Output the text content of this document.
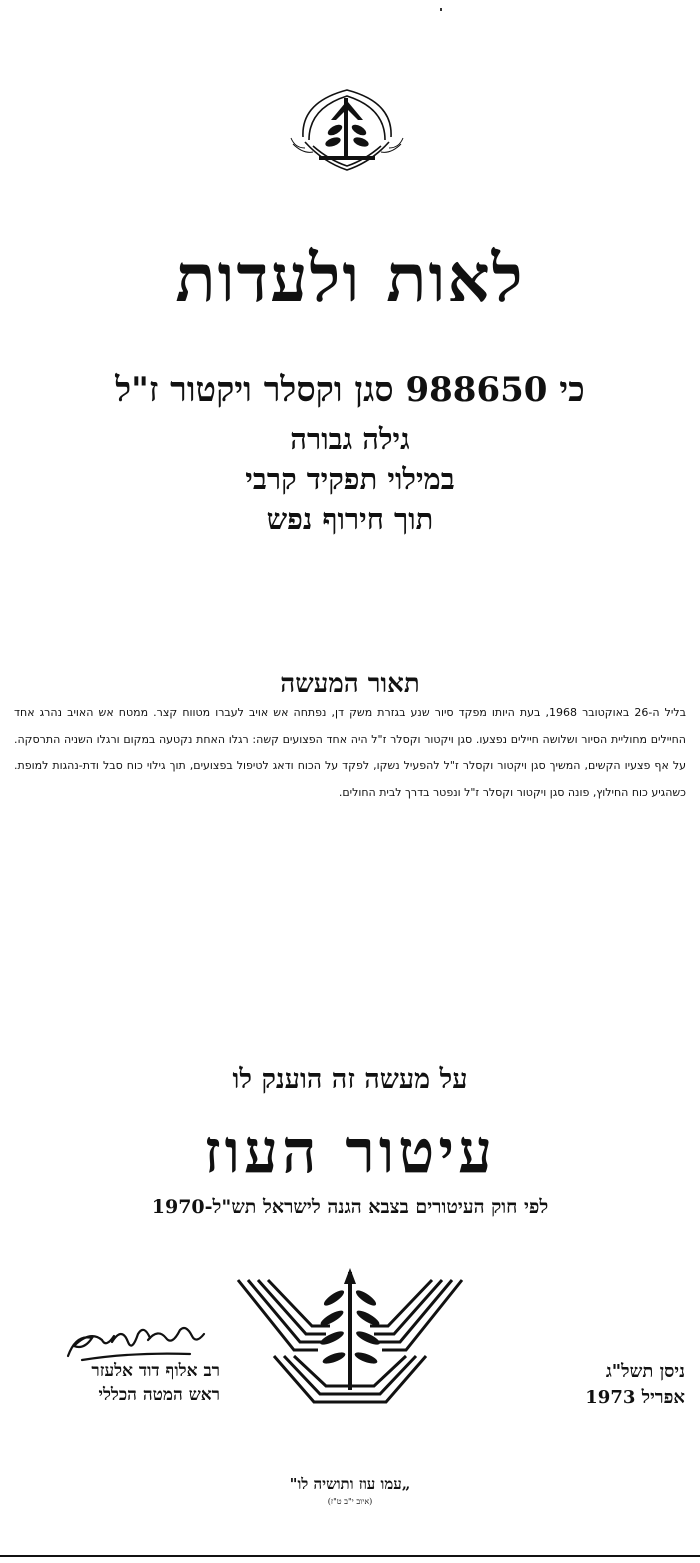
לאות ולעדות
כי 988650 סגן וקסלר ויקטור ז"ל
גילה גבורה
במילוי תפקיד קרבי
תוך חירוף נפש
תאור המעשה
בליל ה-26 באוקטובר 1968, בעת היותו מפקד סיור שנע בגזרת משק דן, נפתחה אש אויב לעברו מטווח קצר. ממטח אש האויב נהרג אחד החיילים מחוליית הסיור ושלושה חיילים נפצעו. סגן ויקטור וקסלר ז"ל היה אחד הפצועים קשה: רגלו האחת נקטעה במקום ורגלו השניה התרסקה. על אף פצעיו הקשים, המשיך סגן ויקטור וקסלר ז"ל להפעיל נשקו, לפקד על הכוח ודאג לטיפול בפצועים, תוך גילוי כוח סבל ודת-נהגות למופת. כשהגיע כוח החילוץ, פונה סגן ויקטור וקסלר ז"ל ונפטר בדרך לבית החולים.
על מעשה זה הוענק לו
עיטור העוז
לפי חוק העיטורים בצבא הגנה לישראל תש"ל-1970
רב אלוף דוד אלעזר
ראש המטה הכללי
ניסן תשל"ג
אפריל 1973
„עמו עוז ותושיה לו"
(איוב י"ב ט"ז)
